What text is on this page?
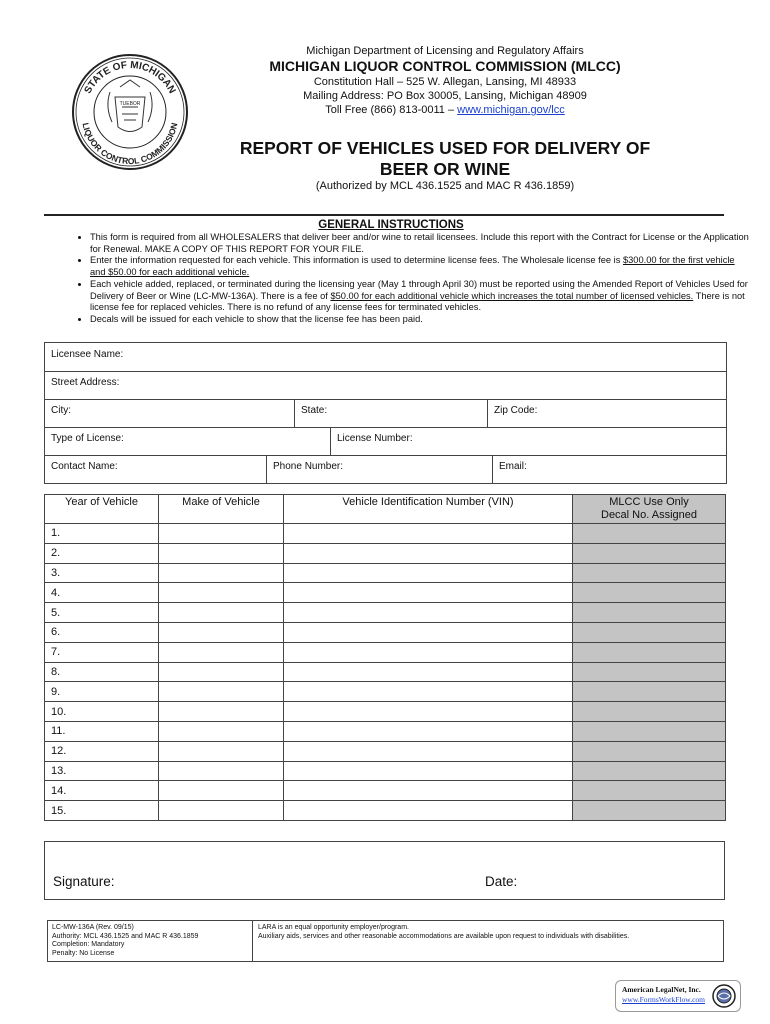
STATE OF MICHIGAN
LIQUOR CONTROL COMMISSION
TUEBOR
Michigan Department of Licensing and Regulatory Affairs
MICHIGAN LIQUOR CONTROL COMMISSION (MLCC)
Constitution Hall – 525 W. Allegan, Lansing, MI 48933
Mailing Address: PO Box 30005, Lansing, Michigan 48909
Toll Free (866) 813-0011 – www.michigan.gov/lcc
REPORT OF VEHICLES USED FOR DELIVERY OF
BEER OR WINE
(Authorized by MCL 436.1525 and MAC R 436.1859)
GENERAL INSTRUCTIONS
• This form is required from all WHOLESALERS that deliver beer and/or wine to retail licensees. Include this report with the Contract for License or the Application for Renewal. MAKE A COPY OF THIS REPORT FOR YOUR FILE.
• Enter the information requested for each vehicle. This information is used to determine license fees. The Wholesale license fee is $300.00 for the first vehicle and $50.00 for each additional vehicle.
• Each vehicle added, replaced, or terminated during the licensing year (May 1 through April 30) must be reported using the Amended Report of Vehicles Used for Delivery of Beer or Wine (LC-MW-136A). There is a fee of $50.00 for each additional vehicle which increases the total number of licensed vehicles. There is not license fee for replaced vehicles. There is no refund of any license fees for terminated vehicles.
• Decals will be issued for each vehicle to show that the license fee has been paid.
Licensee Name:
Street Address:
City:	State:	Zip Code:
Type of License:	License Number:
Contact Name:	Phone Number:	Email:
Year of Vehicle	Make of Vehicle	Vehicle Identification Number (VIN)	MLCC Use Only
Decal No. Assigned

1.			
2.			
3.			
4.			
5.			
6.			
7.			
8.			
9.			
10.			
11.			
12.			
13.			
14.			
15.			
Signature:	Date:
LC-MW-136A (Rev. 09/15)
Authority: MCL 436.1525 and MAC R 436.1859
Completion: Mandatory
Penalty: No License
LARA is an equal opportunity employer/program.
Auxiliary aids, services and other reasonable accommodations are available upon request to individuals with disabilities.
American LegalNet, Inc.
www.FormsWorkFlow.com
